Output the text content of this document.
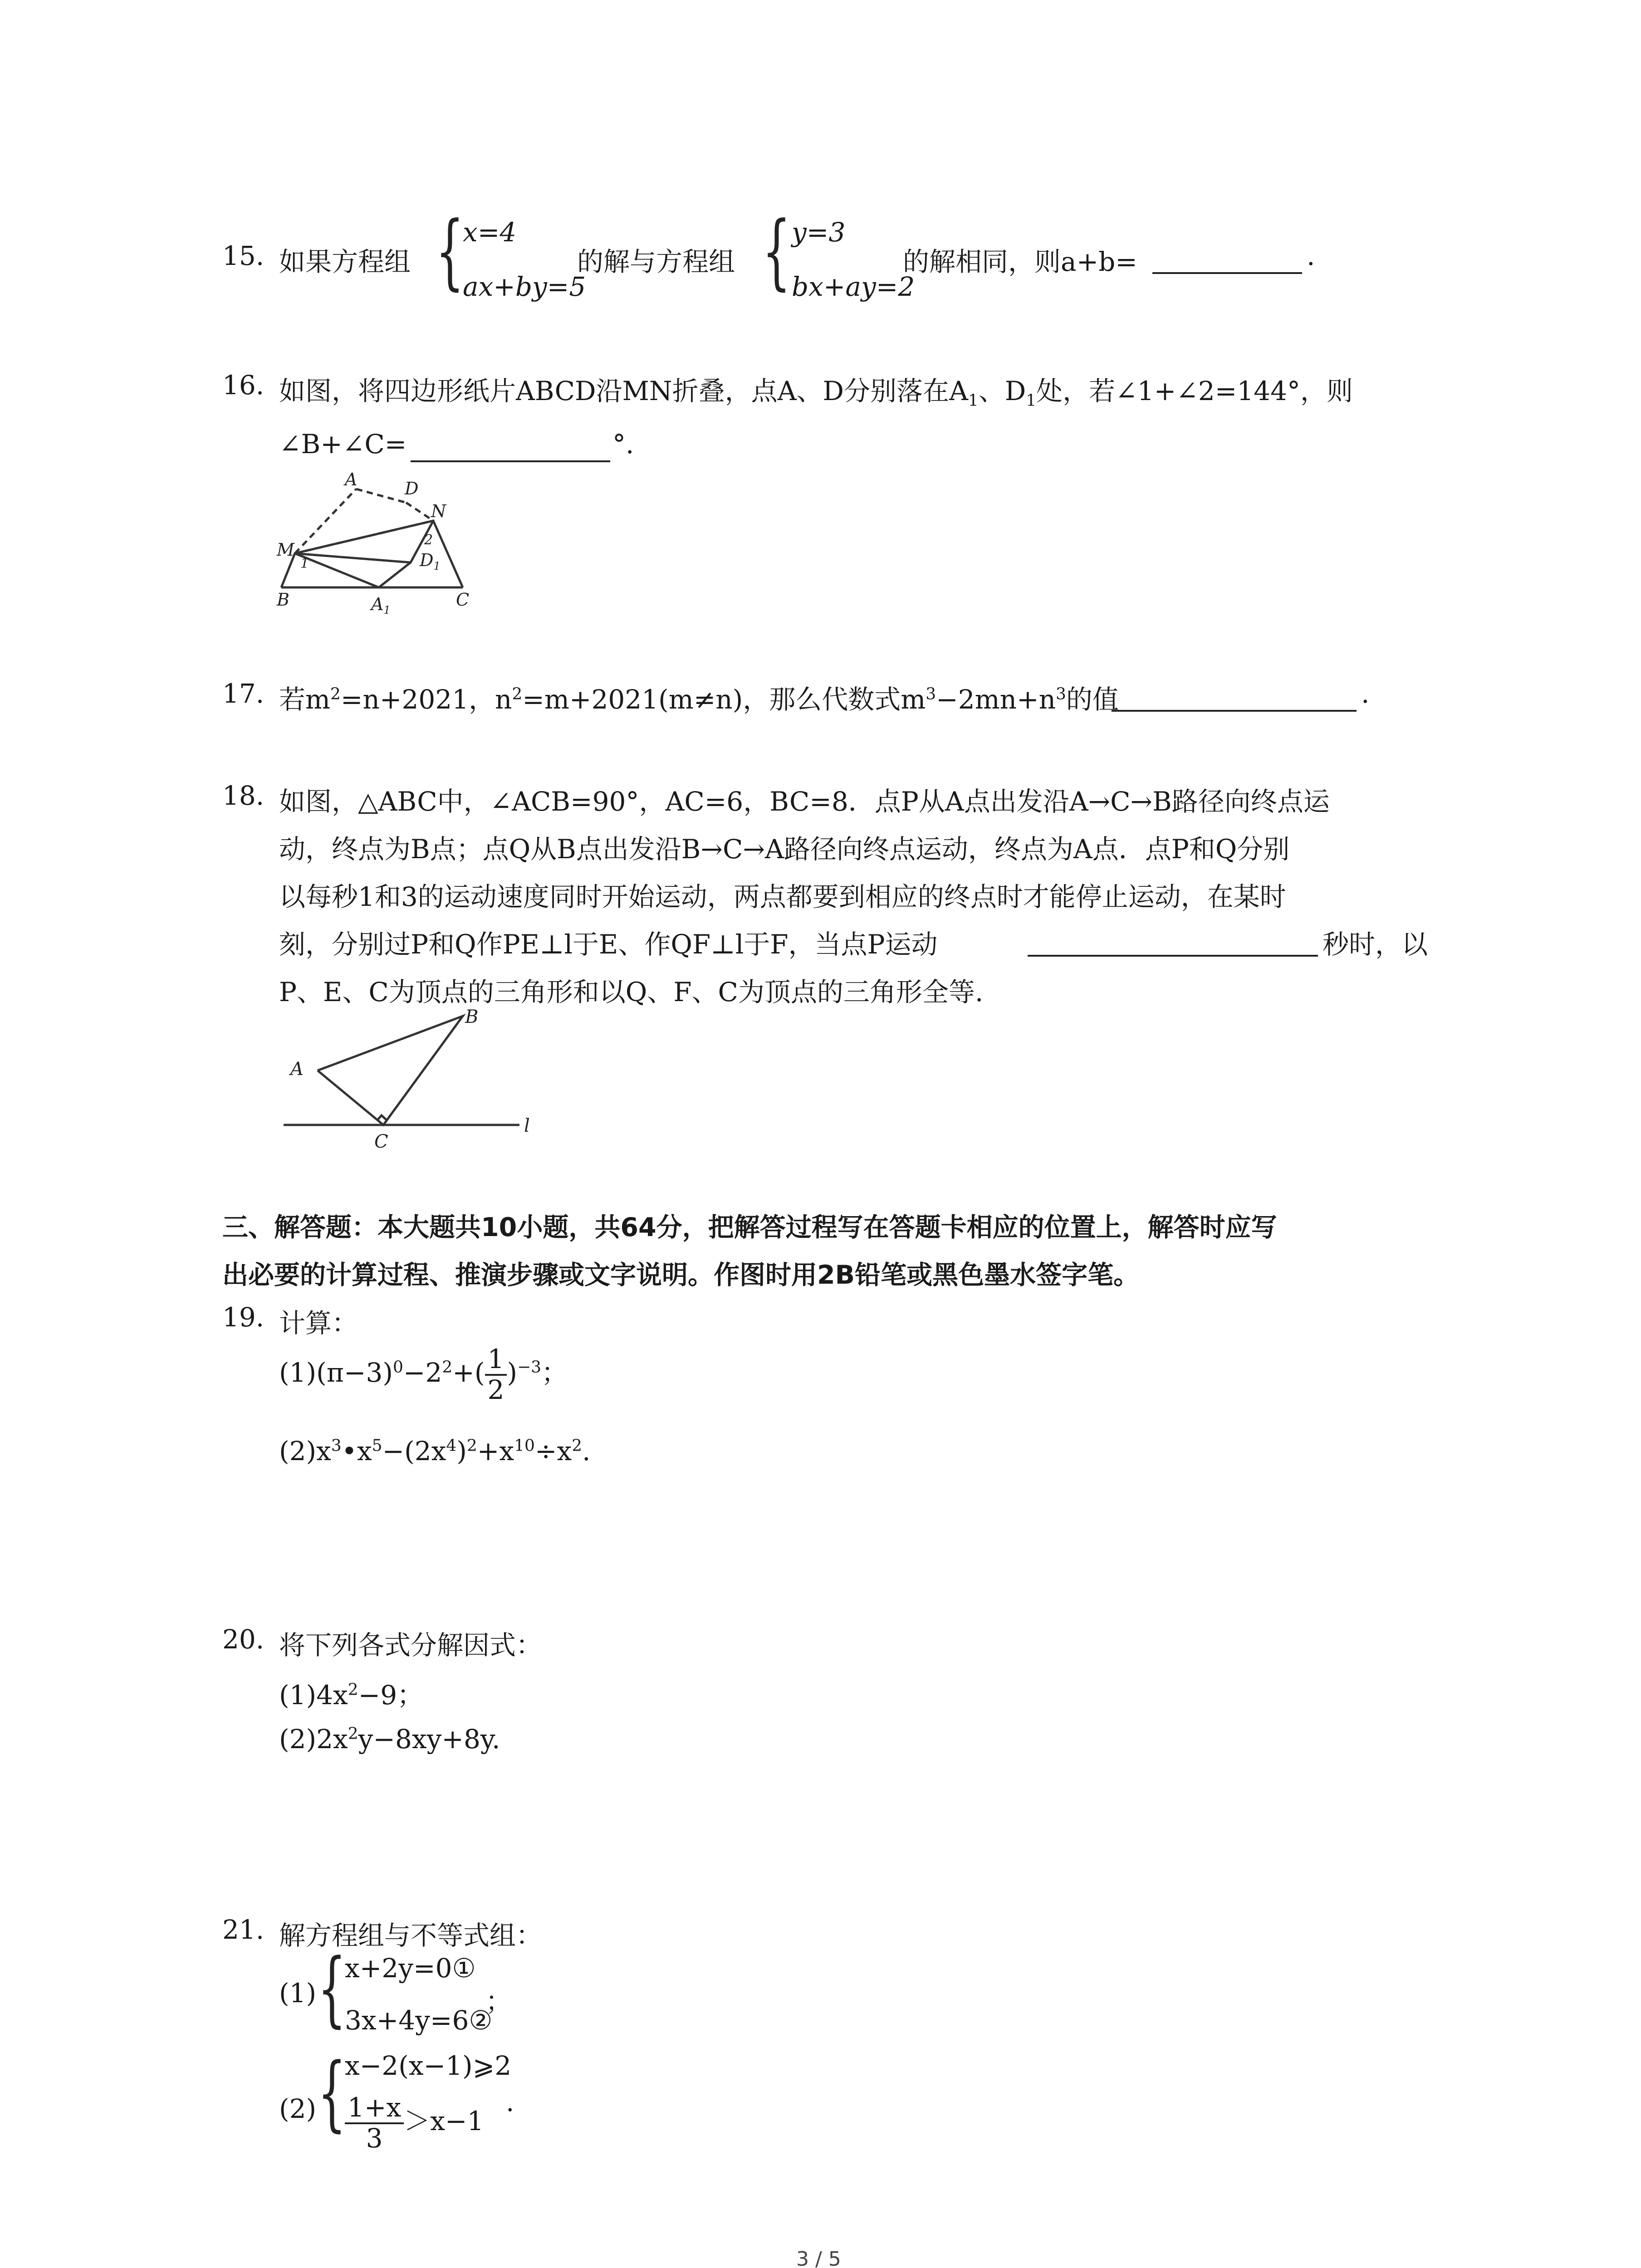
15. 如果方程组 {
x=4
ax+by=5
的解与方程组 { y=3
bx+ay=2
的解相同，则a+b=	.
16. 如图，将四边形纸片ABCD沿MN折叠，点A、D分别落在$A_1$、$D_1$处，若∠1+∠2=144°，则
∠B+∠C=	°.
A	D
N
M
B	C
$A_1$
$D_1$
1
2
17. 若$m^2=n+2021$，$n^2=m+2021(m\ne n)$，那么代数式$m^3-2mn+n^3$的值	.
18. 如图，△ABC中，∠ACB=90°，AC=6，BC=8．点P从A点出发沿A→C→B路径向终点运
动，终点为B点；点Q从B点出发沿B→C→A路径向终点运动，终点为A点．点P和Q分别
以每秒1和3的运动速度同时开始运动，两点都要到相应的终点时才能停止运动，在某时
刻，分别过P和Q作PE⊥l于E、作QF⊥l于F，当点P运动	秒时，以
P、E、C为顶点的三角形和以Q、F、C为顶点的三角形全等.
A
B
C
l
三、解答题：本大题共10小题，共64分，把解答过程写在答题卡相应的位置上，解答时应写
出必要的计算过程、推演步骤或文字说明。作图时用2B铅笔或黑色墨水签字笔。
19. 计算：
$(1)(\pi-3)^0-2^2+( \frac{1}{2} )^{-3}$；
$(2)x^3•x^5-(2x^4)^2+x^{10}\div x^2$.
20. 将下列各式分解因式：
$(1)4x^2-9$；
$(2)2x^2y-8xy+8y$.
21. 解方程组与不等式组：
(1) {
x+2y=0①
3x+4y=6②
；
(2) {
x−2(x−1)⩾2
$\frac{1+x}{3} >x-1$
.
3 / 5
